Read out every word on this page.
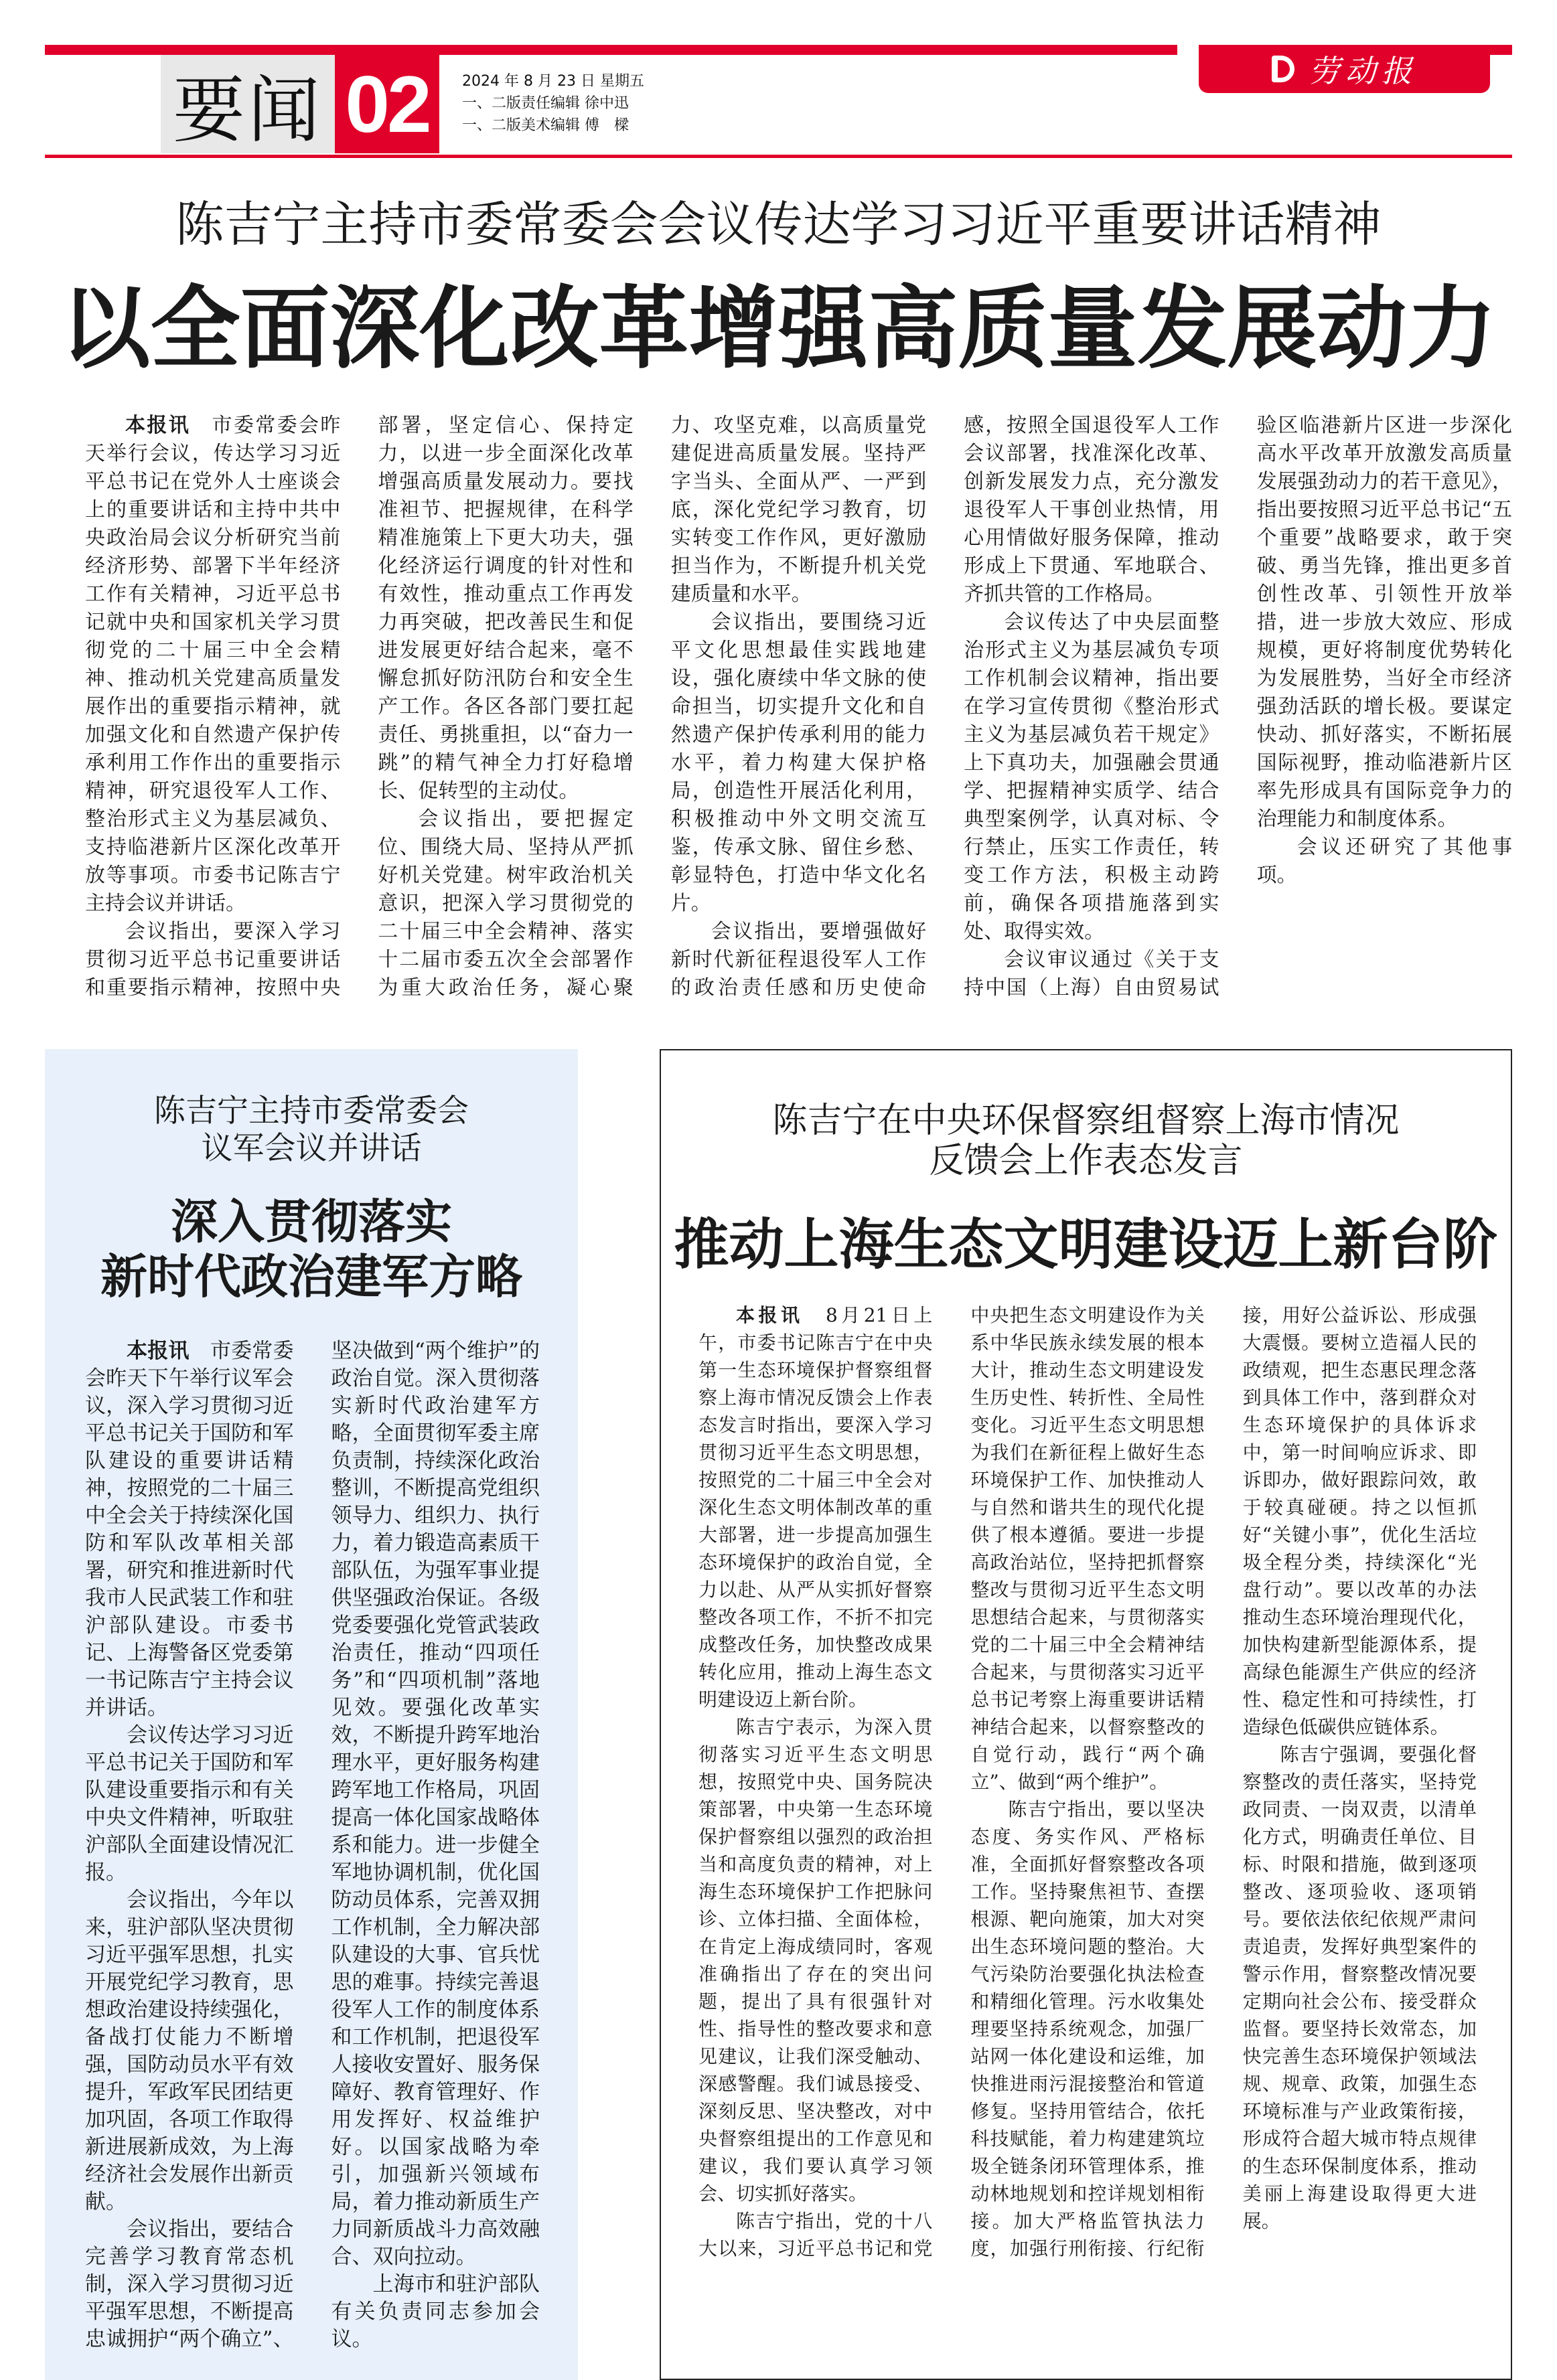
劳动报
要闻 02 2024 年 8 月 23 日 星期五
一、二版责任编辑 徐中迅
一、二版美术编辑 傅　樑
陈吉宁主持市委常委会会议传达学习习近平重要讲话精神
以全面深化改革增强高质量发展动力

本报讯　 市委常委会昨天举行会议，传达学习习近平总书记在党外人士座谈会上的重要讲话和主持中共中央政治局会议分析研究当前经济形势、部署下半年经济工作有关精神，习近平总书记就中央和国家机关学习贯彻党的二十届三中全会精神、推动机关党建高质量发展作出的重要指示精神，就加强文化和自然遗产保护传承利用工作作出的重要指示精神，研究退役军人工作、整治形式主义为基层减负、支持临港新片区深化改革开放等事项。市委书记陈吉宁主持会议并讲话。

会议指出，要深入学习贯彻习近平总书记重要讲话和重要指示精神，按照中央部署，坚定信心、保持定力，以进一步全面深化改革增强高质量发展动力。要找准袒节、把握规律，在科学精准施策上下更大功夫，强化经济运行调度的针对性和有效性，推动重点工作再发力再突破，把改善民生和促进发展更好结合起来，毫不懈怠抓好防汛防台和安全生产工作。各区各部门要扛起责任、勇挑重担，以“奋力一跳”的精气神全力打好稳增长、促转型的主动仗。

会议指出，要把握定位、围绕大局、坚持从严抓好机关党建。树牢政治机关意识，把深入学习贯彻党的二十届三中全会精神、落实十二届市委五次全会部署作为重大政治任务，凝心聚力、攻坚克难，以高质量党建促进高质量发展。坚持严字当头、全面从严、一严到底，深化党纪学习教育，切实转变工作作风，更好激励担当作为，不断提升机关党建质量和水平。

会议指出，要围绕习近平文化思想最佳实践地建设，强化赓续中华文脉的使命担当，切实提升文化和自然遗产保护传承利用的能力水平，着力构建大保护格局，创造性开展活化利用，积极推动中外文明交流互鉴，传承文脉、留住乡愁、彰显特色，打造中华文化名片。

会议指出，要增强做好新时代新征程退役军人工作的政治责任感和历史使命感，按照全国退役军人工作会议部署，找准深化改革、创新发展发力点，充分激发退役军人干事创业热情，用心用情做好服务保障，推动形成上下贯通、军地联合、齐抓共管的工作格局。

会议传达了中央层面整治形式主义为基层减负专项工作机制会议精神，指出要在学习宣传贯彻《整治形式主义为基层减负若干规定》上下真功夫，加强融会贯通学、把握精神实质学、结合典型案例学，认真对标、令行禁止，压实工作责任，转变工作方法，积极主动跨前，确保各项措施落到实处、取得实效。

会议审议通过《关于支持中国（上海）自由贸易试验区临港新片区进一步深化高水平改革开放激发高质量发展强劲动力的若干意见》，指出要按照习近平总书记“五个重要”战略要求，敢于突破、勇当先锋，推出更多首创性改革、引领性开放举措，进一步放大效应、形成规模，更好将制度优势转化为发展胜势，当好全市经济强劲活跃的增长极。要谋定快动、抓好落实，不断拓展国际视野，推动临港新片区率先形成具有国际竞争力的治理能力和制度体系。

会议还研究了其他事项。

陈吉宁主持市委常委会
议军会议并讲话
深入贯彻落实
新时代政治建军方略

本报讯　 市委常委会昨天下午举行议军会议，深入学习贯彻习近平总书记关于国防和军队建设的重要讲话精神，按照党的二十届三中全会关于持续深化国防和军队改革相关部署，研究和推进新时代我市人民武装工作和驻沪部队建设。市委书记、上海警备区党委第一书记陈吉宁主持会议并讲话。

会议传达学习习近平总书记关于国防和军队建设重要指示和有关中央文件精神，听取驻沪部队全面建设情况汇报。

会议指出，今年以来，驻沪部队坚决贯彻习近平强军思想，扎实开展党纪学习教育，思想政治建设持续强化，备战打仗能力不断增强，国防动员水平有效提升，军政军民团结更加巩固，各项工作取得新进展新成效，为上海经济社会发展作出新贡献。

会议指出，要结合完善学习教育常态机制，深入学习贯彻习近平强军思想，不断提高忠诚拥护“两个确立”、坚决做到“两个维护”的政治自觉。深入贯彻落实新时代政治建军方略，全面贯彻军委主席负责制，持续深化政治整训，不断提高党组织领导力、组织力、执行力，着力锻造高素质干部队伍，为强军事业提供坚强政治保证。各级党委要强化党管武装政治责任，推动“四项任务”和“四项机制”落地见效。要强化改革实效，不断提升跨军地治理水平，更好服务构建跨军地工作格局，巩固提高一体化国家战略体系和能力。进一步健全军地协调机制，优化国防动员体系，完善双拥工作机制，全力解决部队建设的大事、官兵忧思的难事。持续完善退役军人工作的制度体系和工作机制，把退役军人接收安置好、服务保障好、教育管理好、作用发挥好、权益维护好。以国家战略为牵引，加强新兴领域布局，着力推动新质生产力同新质战斗力高效融合、双向拉动。

上海市和驻沪部队有关负责同志参加会议。

陈吉宁在中央环保督察组督察上海市情况
反馈会上作表态发言
推动上海生态文明建设迈上新台阶

本报讯　 8月21日上午，市委书记陈吉宁在中央第一生态环境保护督察组督察上海市情况反馈会上作表态发言时指出，要深入学习贯彻习近平生态文明思想，按照党的二十届三中全会对深化生态文明体制改革的重大部署，进一步提高加强生态环境保护的政治自觉，全力以赴、从严从实抓好督察整改各项工作，不折不扣完成整改任务，加快整改成果转化应用，推动上海生态文明建设迈上新台阶。

陈吉宁表示，为深入贯彻落实习近平生态文明思想，按照党中央、国务院决策部署，中央第一生态环境保护督察组以强烈的政治担当和高度负责的精神，对上海生态环境保护工作把脉问诊、立体扫描、全面体检，在肯定上海成绩同时，客观准确指出了存在的突出问题，提出了具有很强针对性、指导性的整改要求和意见建议，让我们深受触动、深感警醒。我们诚恳接受、深刻反思、坚决整改，对中央督察组提出的工作意见和建议，我们要认真学习领会、切实抓好落实。

陈吉宁指出，党的十八大以来，习近平总书记和党中央把生态文明建设作为关系中华民族永续发展的根本大计，推动生态文明建设发生历史性、转折性、全局性变化。习近平生态文明思想为我们在新征程上做好生态环境保护工作、加快推动人与自然和谐共生的现代化提供了根本遵循。要进一步提高政治站位，坚持把抓督察整改与贯彻习近平生态文明思想结合起来，与贯彻落实党的二十届三中全会精神结合起来，与贯彻落实习近平总书记考察上海重要讲话精神结合起来，以督察整改的自觉行动，践行“两个确立”、做到“两个维护”。

陈吉宁指出，要以坚决态度、务实作风、严格标准，全面抓好督察整改各项工作。坚持聚焦袒节、查摆根源、靶向施策，加大对突出生态环境问题的整治。大气污染防治要强化执法检查和精细化管理。污水收集处理要坚持系统观念，加强厂站网一体化建设和运维，加快推进雨污混接整治和管道修复。坚持用管结合，依托科技赋能，着力构建建筑垃圾全链条闭环管理体系，推动林地规划和控详规划相衔接。加大严格监管执法力度，加强行刑衔接、行纪衔接，用好公益诉讼、形成强大震慑。要树立造福人民的政绩观，把生态惠民理念落到具体工作中，落到群众对生态环境保护的具体诉求中，第一时间响应诉求、即诉即办，做好跟踪问效，敢于较真碰硬。持之以恒抓好“关键小事”，优化生活垃圾全程分类，持续深化“光盘行动”。要以改革的办法推动生态环境治理现代化，加快构建新型能源体系，提高绿色能源生产供应的经济性、稳定性和可持续性，打造绿色低碳供应链体系。

陈吉宁强调，要强化督察整改的责任落实，坚持党政同责、一岗双责，以清单化方式，明确责任单位、目标、时限和措施，做到逐项整改、逐项验收、逐项销号。要依法依纪依规严肃问责追责，发挥好典型案件的警示作用，督察整改情况要定期向社会公布、接受群众监督。要坚持长效常态，加快完善生态环境保护领域法规、规章、政策，加强生态环境标准与产业政策衔接，形成符合超大城市特点规律的生态环保制度体系，推动美丽上海建设取得更大进展。
